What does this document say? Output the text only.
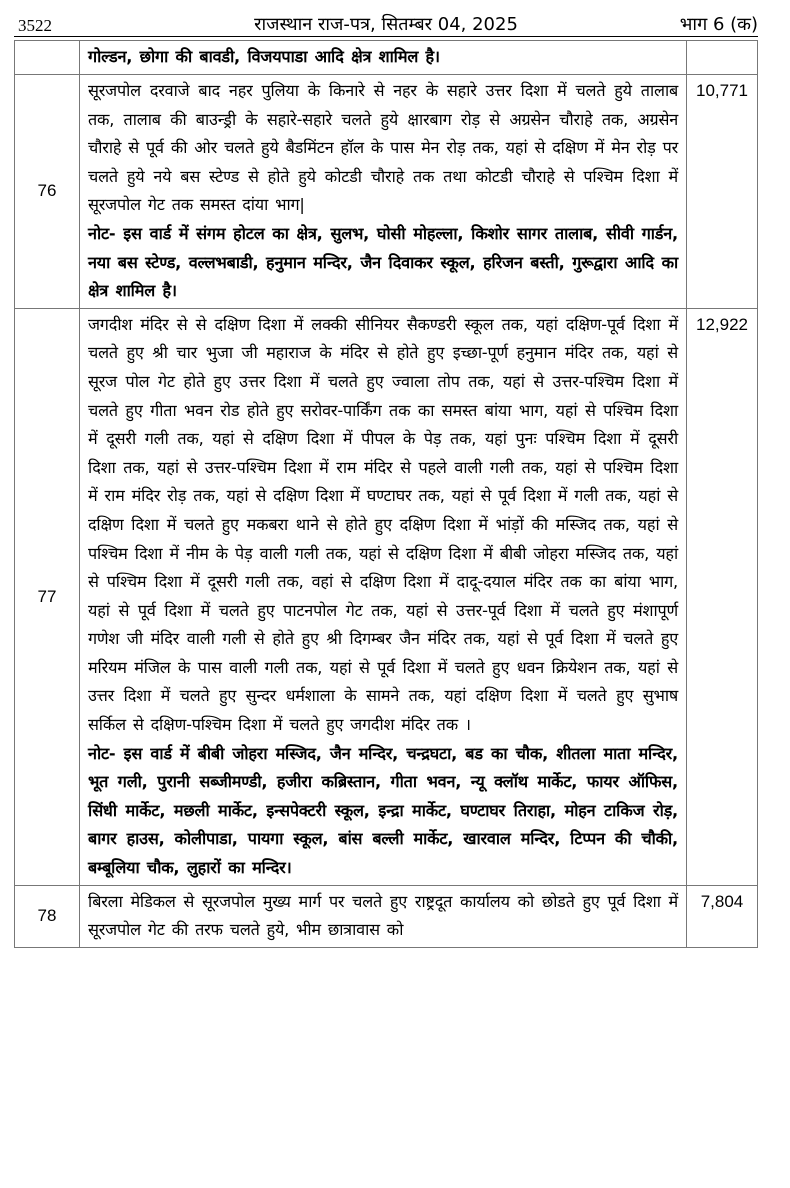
3522	राजस्थान राज-पत्र, सितम्बर 04, 2025	भाग 6 (क)

	गोल्डन, छोगा की बावडी, विजयपाडा आदि क्षेत्र शामिल है।	

76	सूरजपोल दरवाजे बाद नहर पुलिया के किनारे से नहर के सहारे उत्तर दिशा में चलते हुये तालाब तक, तालाब की बाउन्ड्री के सहारे-सहारे चलते हुये क्षारबाग रोड़ से अग्रसेन चौराहे तक, अग्रसेन चौराहे से पूर्व की ओर चलते हुये बैडमिंटन हॉल के पास मेन रोड़ तक, यहां से दक्षिण में मेन रोड़ पर चलते हुये नये बस स्टेण्ड से होते हुये कोटडी चौराहे तक तथा कोटडी चौराहे से पश्चिम दिशा में सूरजपोल गेट तक समस्त दांया भाग|
नोट- इस वार्ड में संगम होटल का क्षेत्र, सुलभ, घोसी मोहल्ला, किशोर सागर तालाब, सीवी गार्डन, नया बस स्टेण्ड, वल्लभबाडी, हनुमान मन्दिर, जैन दिवाकर स्कूल, हरिजन बस्ती, गुरूद्वारा आदि का क्षेत्र शामिल है।	10,771
77	जगदीश मंदिर से से दक्षिण दिशा में लक्की सीनियर सैकण्डरी स्कूल तक, यहां दक्षिण-पूर्व दिशा में चलते हुए श्री चार भुजा जी महाराज के मंदिर से होते हुए इच्छा-पूर्ण हनुमान मंदिर तक, यहां से सूरज पोल गेट होते हुए उत्तर दिशा में चलते हुए ज्वाला तोप तक, यहां से उत्तर-पश्चिम दिशा में चलते हुए गीता भवन रोड होते हुए सरोवर-पार्किंग तक का समस्त बांया भाग, यहां से पश्चिम दिशा में दूसरी गली तक, यहां से दक्षिण दिशा में पीपल के पेड़ तक, यहां पुनः पश्चिम दिशा में दूसरी दिशा तक, यहां से उत्तर-पश्चिम दिशा में राम मंदिर से पहले वाली गली तक, यहां से पश्चिम दिशा में राम मंदिर रोड़ तक, यहां से दक्षिण दिशा में घण्टाघर तक, यहां से पूर्व दिशा में गली तक, यहां से दक्षिण दिशा में चलते हुए मकबरा थाने से होते हुए दक्षिण दिशा में भांड़ों की मस्जिद तक, यहां से पश्चिम दिशा में नीम के पेड़ वाली गली तक, यहां से दक्षिण दिशा में बीबी जोहरा मस्जिद तक, यहां से पश्चिम दिशा में दूसरी गली तक, वहां से दक्षिण दिशा में दादू-दयाल मंदिर तक का बांया भाग, यहां से पूर्व दिशा में चलते हुए पाटनपोल गेट तक, यहां से उत्तर-पूर्व दिशा में चलते हुए मंशापूर्ण गणेश जी मंदिर वाली गली से होते हुए श्री दिगम्बर जैन मंदिर तक, यहां से पूर्व दिशा में चलते हुए मरियम मंजिल के पास वाली गली तक, यहां से पूर्व दिशा में चलते हुए धवन क्रियेशन तक, यहां से उत्तर दिशा में चलते हुए सुन्दर धर्मशाला के सामने तक, यहां दक्षिण दिशा में चलते हुए सुभाष सर्किल से दक्षिण-पश्चिम दिशा में चलते हुए जगदीश मंदिर तक ।
नोट- इस वार्ड में बीबी जोहरा मस्जिद, जैन मन्दिर, चन्द्रघटा, बड का चौक, शीतला माता मन्दिर, भूत गली, पुरानी सब्जीमण्डी, हजीरा कब्रिस्तान, गीता भवन, न्यू क्लॉथ मार्केट, फायर ऑफिस, सिंधी मार्केट, मछली मार्केट, इन्सपेक्टरी स्कूल, इन्द्रा मार्केट, घण्टाघर तिराहा, मोहन टाकिज रोड़, बागर हाउस, कोलीपाडा, पायगा स्कूल, बांस बल्ली मार्केट, खारवाल मन्दिर, टिप्पन की चौकी, बम्बूलिया चौक, लुहारों का मन्दिर।	12,922
78	बिरला मेडिकल से सूरजपोल मुख्य मार्ग पर चलते हुए राष्ट्रदूत कार्यालय को छोडते हुए पूर्व दिशा में सूरजपोल गेट की तरफ चलते हुये, भीम छात्रावास को	7,804
